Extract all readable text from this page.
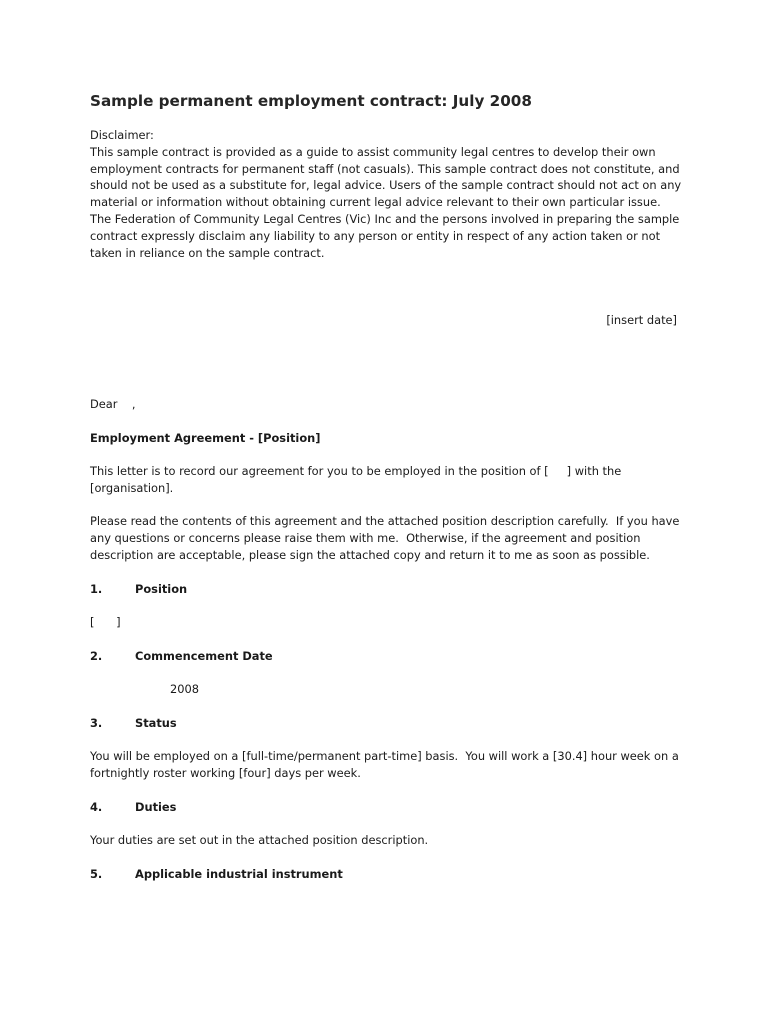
Sample permanent employment contract: July 2008
Disclaimer:
This sample contract is provided as a guide to assist community legal centres to develop their own
employment contracts for permanent staff (not casuals). This sample contract does not constitute, and
should not be used as a substitute for, legal advice. Users of the sample contract should not act on any
material or information without obtaining current legal advice relevant to their own particular issue.
The Federation of Community Legal Centres (Vic) Inc and the persons involved in preparing the sample
contract expressly disclaim any liability to any person or entity in respect of any action taken or not
taken in reliance on the sample contract.

[insert date]

Dear    ,

Employment Agreement - [Position]

This letter is to record our agreement for you to be employed in the position of [     ] with the
[organisation].
Please read the contents of this agreement and the attached position description carefully.  If you have
any questions or concerns please raise them with me.  Otherwise, if the agreement and position
description are acceptable, please sign the attached copy and return it to me as soon as possible.
1.	Position

[      ]

2.	Commencement Date

2008

3.	Status
You will be employed on a [full-time/permanent part-time] basis.  You will work a [30.4] hour week on a
fortnightly roster working [four] days per week.
4.	Duties

Your duties are set out in the attached position description.

5.	Applicable industrial instrument
